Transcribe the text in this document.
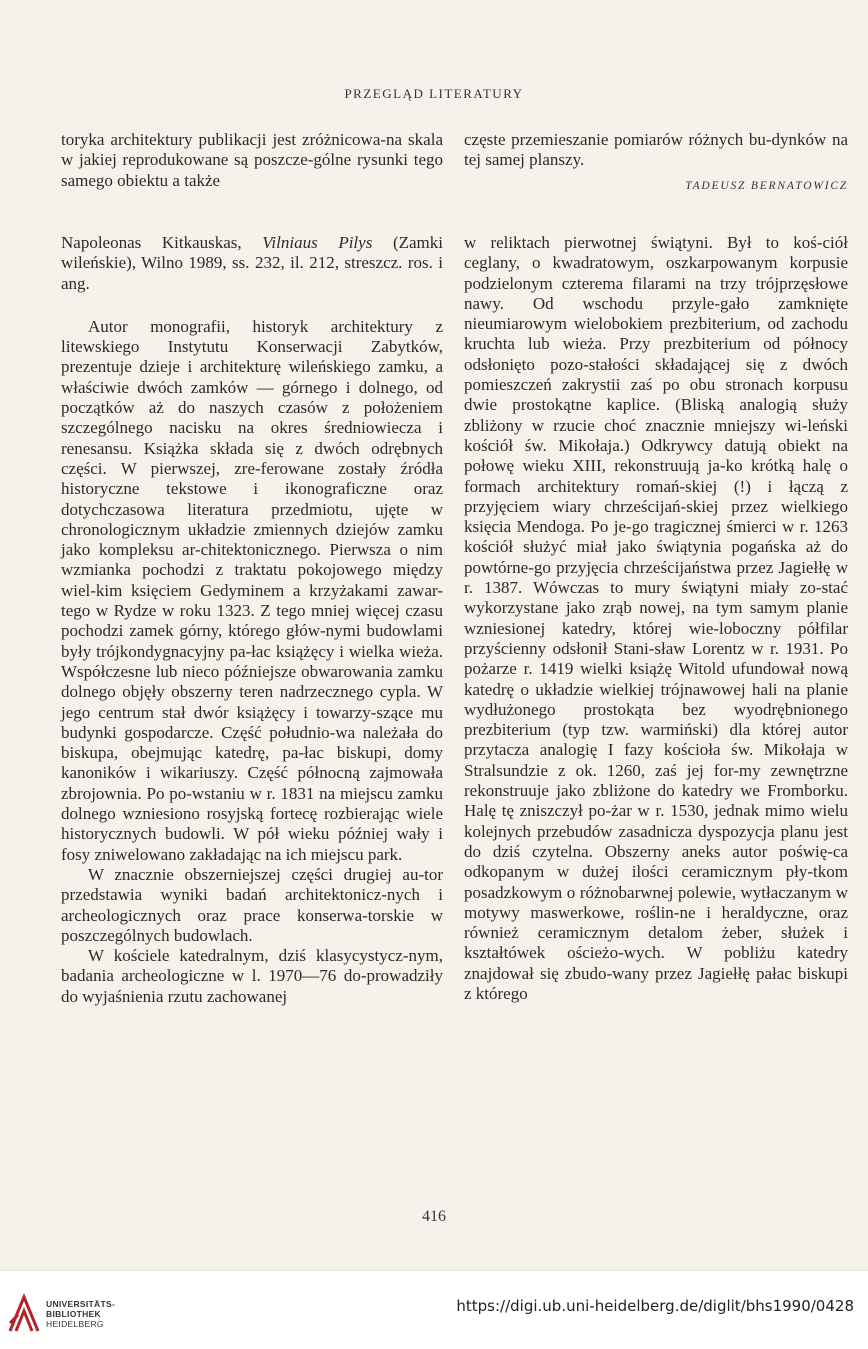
PRZEGLĄD LITERATURY

toryka architektury publikacji jest zróżnicowa-na skala w jakiej reprodukowane są poszcze-gólne rysunki tego samego obiektu a także

Napoleonas Kitkauskas, Vilniaus Pilys (Zamki wileńskie), Wilno 1989, ss. 232, il. 212, streszcz. ros. i ang.

Autor monografii, historyk architektury z litewskiego Instytutu Konserwacji Zabytków, prezentuje dzieje i architekturę wileńskiego zamku, a właściwie dwóch zamków — górnego i dolnego, od początków aż do naszych czasów z położeniem szczególnego nacisku na okres średniowiecza i renesansu. Książka składa się z dwóch odrębnych części. W pierwszej, zre-ferowane zostały źródła historyczne tekstowe i ikonograficzne oraz dotychczasowa literatura przedmiotu, ujęte w chronologicznym układzie zmiennych dziejów zamku jako kompleksu ar-chitektonicznego. Pierwsza o nim wzmianka pochodzi z traktatu pokojowego między wiel-kim księciem Gedyminem a krzyżakami zawar-tego w Rydze w roku 1323. Z tego mniej więcej czasu pochodzi zamek górny, którego głów-nymi budowlami były trójkondygnacyjny pa-łac książęcy i wielka wieża. Współczesne lub nieco późniejsze obwarowania zamku dolnego objęły obszerny teren nadrzecznego cypla. W jego centrum stał dwór książęcy i towarzy-szące mu budynki gospodarcze. Część południo-wa należała do biskupa, obejmując katedrę, pa-łac biskupi, domy kanoników i wikariuszy. Część północną zajmowała zbrojownia. Po po-wstaniu w r. 1831 na miejscu zamku dolnego wzniesiono rosyjską fortecę rozbierając wiele historycznych budowli. W pół wieku później wały i fosy zniwelowano zakładając na ich miejscu park.

W znacznie obszerniejszej części drugiej au-tor przedstawia wyniki badań architektonicz-nych i archeologicznych oraz prace konserwa-torskie w poszczególnych budowlach.

W kościele katedralnym, dziś klasycystycz-nym, badania archeologiczne w l. 1970—76 do-prowadziły do wyjaśnienia rzutu zachowanej

częste przemieszanie pomiarów różnych bu-dynków na tej samej planszy.

TADEUSZ BERNATOWICZ

w reliktach pierwotnej świątyni. Był to koś-ciół ceglany, o kwadratowym, oszkarpowanym korpusie podzielonym czterema filarami na trzy trójprzęsłowe nawy. Od wschodu przyle-gało zamknięte nieumiarowym wielobokiem prezbiterium, od zachodu kruchta lub wieża. Przy prezbiterium od północy odsłonięto pozo-stałości składającej się z dwóch pomieszczeń zakrystii zaś po obu stronach korpusu dwie prostokątne kaplice. (Bliską analogią służy zbliżony w rzucie choć znacznie mniejszy wi-leński kościół św. Mikołaja.) Odkrywcy datują obiekt na połowę wieku XIII, rekonstruują ja-ko krótką halę o formach architektury romań-skiej (!) i łączą z przyjęciem wiary chrześcijań-skiej przez wielkiego księcia Mendoga. Po je-go tragicznej śmierci w r. 1263 kościół służyć miał jako świątynia pogańska aż do powtórne-go przyjęcia chrześcijaństwa przez Jagiełłę w r. 1387. Wówczas to mury świątyni miały zo-stać wykorzystane jako zrąb nowej, na tym samym planie wzniesionej katedry, której wie-loboczny półfilar przyścienny odsłonił Stani-sław Lorentz w r. 1931. Po pożarze r. 1419 wielki książę Witold ufundował nową katedrę o układzie wielkiej trójnawowej hali na planie wydłużonego prostokąta bez wyodrębnionego prezbiterium (typ tzw. warmiński) dla której autor przytacza analogię I fazy kościoła św. Mikołaja w Stralsundzie z ok. 1260, zaś jej for-my zewnętrzne rekonstruuje jako zbliżone do katedry we Fromborku. Halę tę zniszczył po-żar w r. 1530, jednak mimo wielu kolejnych przebudów zasadnicza dyspozycja planu jest do dziś czytelna. Obszerny aneks autor poświę-ca odkopanym w dużej ilości ceramicznym pły-tkom posadzkowym o różnobarwnej polewie, wytłaczanym w motywy maswerkowe, roślin-ne i heraldyczne, oraz również ceramicznym detalom żeber, służek i kształtówek ościeżo-wych. W pobliżu katedry znajdował się zbudo-wany przez Jagiełłę pałac biskupi z którego

416
UNIVERSITÄTS-
BIBLIOTHEK
HEIDELBERG
https://digi.ub.uni-heidelberg.de/diglit/bhs1990/0428
